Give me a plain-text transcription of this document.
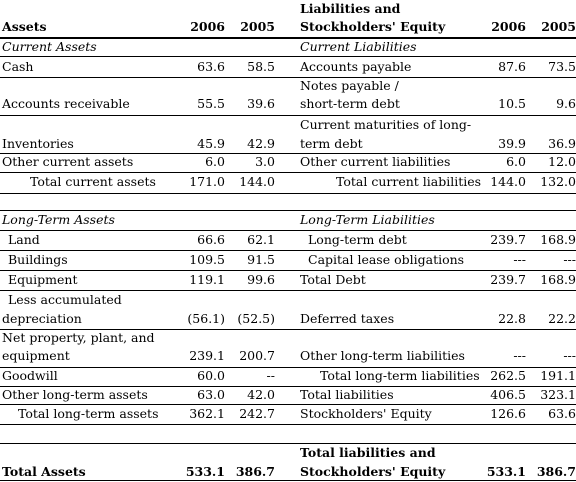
Assets	2006	2005
Liabilities and
Stockholders' Equity	2006	2005
Current Assets	Current Liabilities
Cash	63.6	58.5 Accounts payable	87.6	73.5
Notes payable /
Accounts receivable	55.5	39.6 short-term debt	10.5	9.6
Current maturities of long-
Inventories	45.9	42.9 term debt	39.9	36.9
Other current assets	6.0	3.0 Other current liabilities	6.0	12.0
Total current assets	171.0	144.0	Total current liabilities 144.0	132.0
Long-Term Assets	Long-Term Liabilities
Land	66.6	62.1	Long-term debt	239.7	168.9
Buildings	109.5	91.5	Capital lease obligations	---	---
Equipment	119.1	99.6 Total Debt	239.7	168.9
Less accumulated
depreciation	(56.1) (52.5) Deferred taxes	22.8	22.2
Net property, plant, and
equipment	239.1	200.7 Other long-term liabilities	---	---
Goodwill	60.0	--	Total long-term liabilities 262.5	191.1
Other long-term assets	63.0	42.0 Total liabilities	406.5	323.1
Total long-term assets	362.1	242.7 Stockholders' Equity	126.6	63.6
Total liabilities and
Total Assets	533.1 386.7 Stockholders' Equity	533.1 386.7
